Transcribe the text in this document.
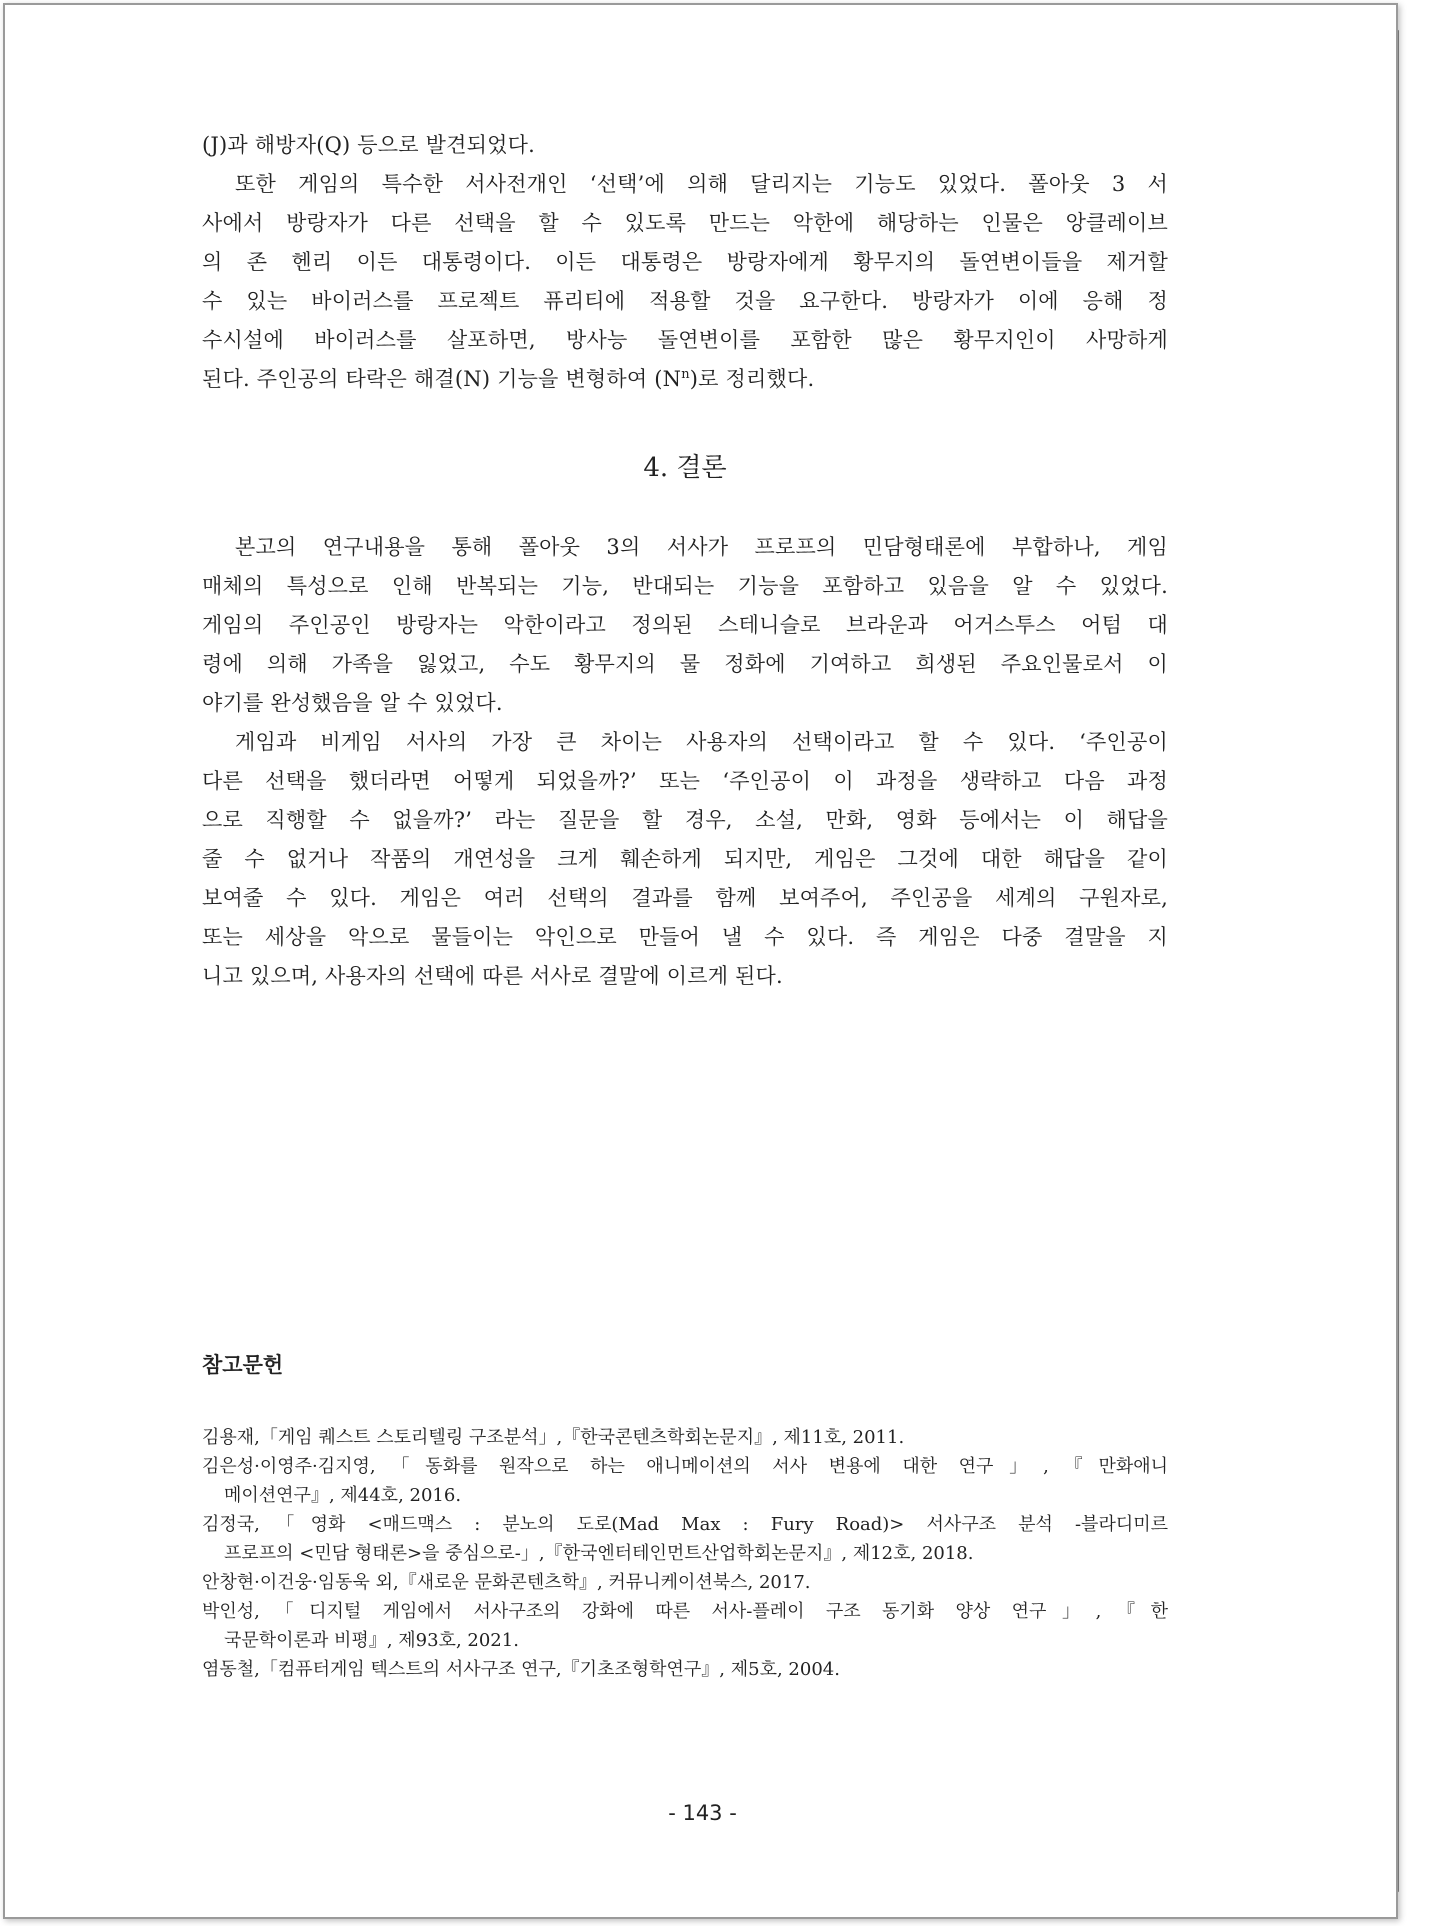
(J)과 해방자(Q) 등으로 발견되었다.
또한 게임의 특수한 서사전개인 ‘선택’에 의해 달리지는 기능도 있었다. 폴아웃 3 서
사에서 방랑자가 다른 선택을 할 수 있도록 만드는 악한에 해당하는 인물은 앙클레이브
의 존 헨리 이든 대통령이다. 이든 대통령은 방랑자에게 황무지의 돌연변이들을 제거할
수 있는 바이러스를 프로젝트 퓨리티에 적용할 것을 요구한다. 방랑자가 이에 응해 정
수시설에 바이러스를 살포하면, 방사능 돌연변이를 포함한 많은 황무지인이 사망하게
된다. 주인공의 타락은 해결(N) 기능을 변형하여 $(N^n)$로 정리했다.
4. 결론
본고의 연구내용을 통해 폴아웃 3의 서사가 프로프의 민담형태론에 부합하나, 게임
매체의 특성으로 인해 반복되는 기능, 반대되는 기능을 포함하고 있음을 알 수 있었다.
게임의 주인공인 방랑자는 악한이라고 정의된 스테니슬로 브라운과 어거스투스 어텀 대
령에 의해 가족을 잃었고, 수도 황무지의 물 정화에 기여하고 희생된 주요인물로서 이
야기를 완성했음을 알 수 있었다.
게임과 비게임 서사의 가장 큰 차이는 사용자의 선택이라고 할 수 있다. ‘주인공이
다른 선택을 했더라면 어떻게 되었을까?’ 또는 ‘주인공이 이 과정을 생략하고 다음 과정
으로 직행할 수 없을까?’ 라는 질문을 할 경우, 소설, 만화, 영화 등에서는 이 해답을
줄 수 없거나 작품의 개연성을 크게 훼손하게 되지만, 게임은 그것에 대한 해답을 같이
보여줄 수 있다. 게임은 여러 선택의 결과를 함께 보여주어, 주인공을 세계의 구원자로,
또는 세상을 악으로 물들이는 악인으로 만들어 낼 수 있다. 즉 게임은 다중 결말을 지
니고 있으며, 사용자의 선택에 따른 서사로 결말에 이르게 된다.
참고문헌
김용재,「게임 퀘스트 스토리텔링 구조분석」,『한국콘텐츠학회논문지』, 제11호, 2011.
김은성·이영주·김지영,「동화를 원작으로 하는 애니메이션의 서사 변용에 대한 연구」,『만화애니
메이션연구』, 제44호, 2016.
김정국,「영화 <매드맥스 : 분노의 도로(Mad Max : Fury Road)> 서사구조 분석 -블라디미르
프로프의 <민담 형태론>을 중심으로-」,『한국엔터테인먼트산업학회논문지』, 제12호, 2018.
안창현·이건웅·임동욱 외,『새로운 문화콘텐츠학』, 커뮤니케이션북스, 2017.
박인성,「디지털 게임에서 서사구조의 강화에 따른 서사-플레이 구조 동기화 양상 연구」,『한
국문학이론과 비평』, 제93호, 2021.
염동철,「컴퓨터게임 텍스트의 서사구조 연구,『기초조형학연구』, 제5호, 2004.
- 143 -
